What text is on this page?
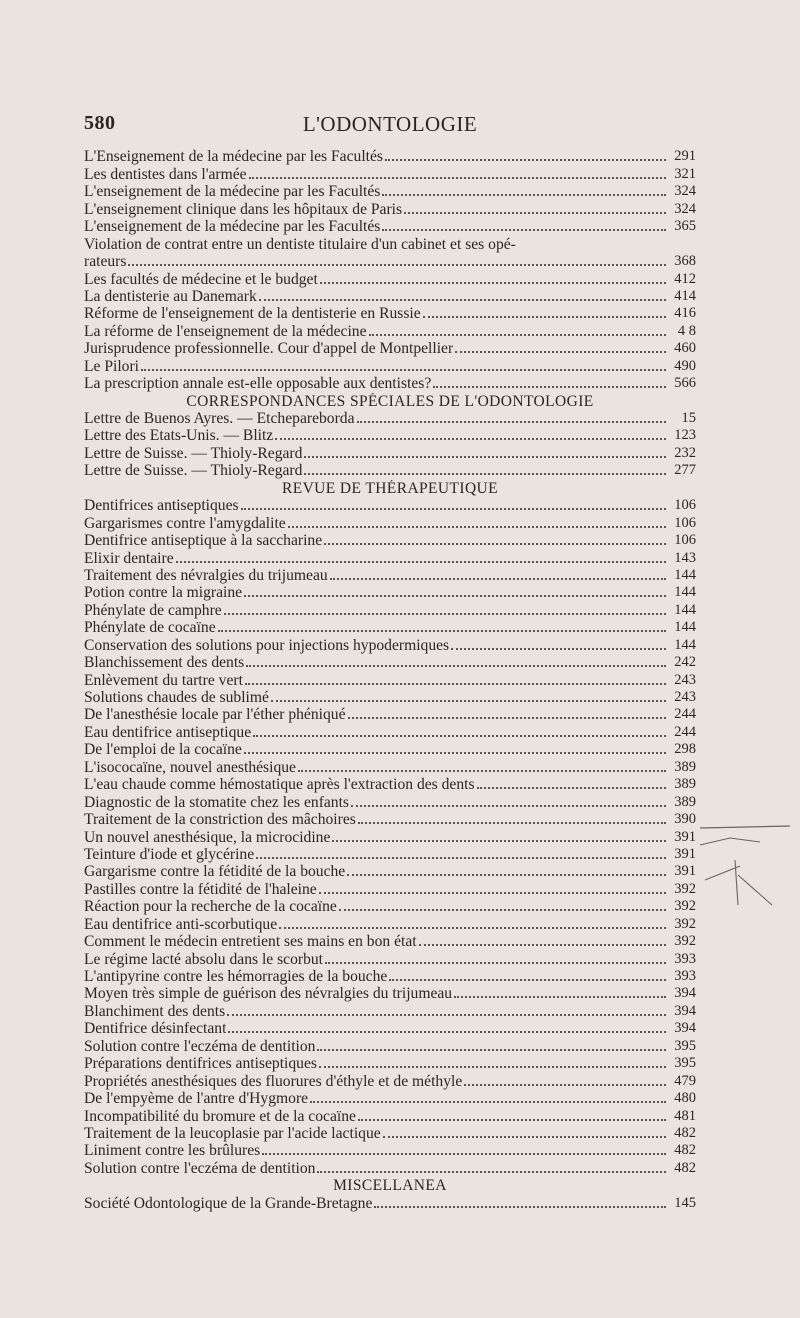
580	L'ODONTOLOGIE
L'Enseignement de la médecine par les Facultés	291
Les dentistes dans l'armée	321
L'enseignement de la médecine par les Facultés	324
L'enseignement clinique dans les hôpitaux de Paris	324
L'enseignement de la médecine par les Facultés	365
Violation de contrat entre un dentiste titulaire d'un cabinet et ses opé-
rateurs	368
Les facultés de médecine et le budget	412
La dentisterie au Danemark	414
Réforme de l'enseignement de la dentisterie en Russie	416
La réforme de l'enseignement de la médecine	4 8
Jurisprudence professionnelle. Cour d'appel de Montpellier	460
Le Pilori	490
La prescription annale est-elle opposable aux dentistes?	566
CORRESPONDANCES SPÉCIALES DE L'ODONTOLOGIE
Lettre de Buenos Ayres. — Etcheparebordа	15
Lettre des Etats-Unis. — Blitz	123
Lettre de Suisse. — Thioly-Regard	232
Lettre de Suisse. — Thioly-Regard	277
REVUE DE THÉRAPEUTIQUE
Dentifrices antiseptiques	106
Gargarismes contre l'amygdalite	106
Dentifrice antiseptique à la saccharine	106
Elixir dentaire	143
Traitement des névralgies du trijumeau	144
Potion contre la migraine	144
Phénylate de camphre	144
Phénylate de cocaïne	144
Conservation des solutions pour injections hypodermiques	144
Blanchissement des dents	242
Enlèvement du tartre vert	243
Solutions chaudes de sublimé	243
De l'anesthésie locale par l'éther phéniqué	244
Eau dentifrice antiseptique	244
De l'emploi de la cocaïne	298
L'isococaïne, nouvel anesthésique	389
L'eau chaude comme hémostatique après l'extraction des dents	389
Diagnostic de la stomatite chez les enfants	389
Traitement de la constriction des mâchoires	390
Un nouvel anesthésique, la microcidine	391
Teinture d'iode et glycérine	391
Gargarisme contre la fétidité de la bouche	391
Pastilles contre la fétidité de l'haleine	392
Réaction pour la recherche de la cocaïne	392
Eau dentifrice anti-scorbutique	392
Comment le médecin entretient ses mains en bon état	392
Le régime lacté absolu dans le scorbut	393
L'antipyrine contre les hémorragies de la bouche	393
Moyen très simple de guérison des névralgies du trijumeau	394
Blanchiment des dents	394
Dentifrice désinfectant	394
Solution contre l'eczéma de dentition	395
Préparations dentifrices antiseptiques	395
Propriétés anesthésiques des fluorures d'éthyle et de méthyle	479
De l'empyème de l'antre d'Hygmore	480
Incompatibilité du bromure et de la cocaïne	481
Traitement de la leucoplasie par l'acide lactique	482
Liniment contre les brûlures	482
Solution contre l'eczéma de dentition	482
MISCELLANEA
Société Odontologique de la Grande-Bretagne	145
